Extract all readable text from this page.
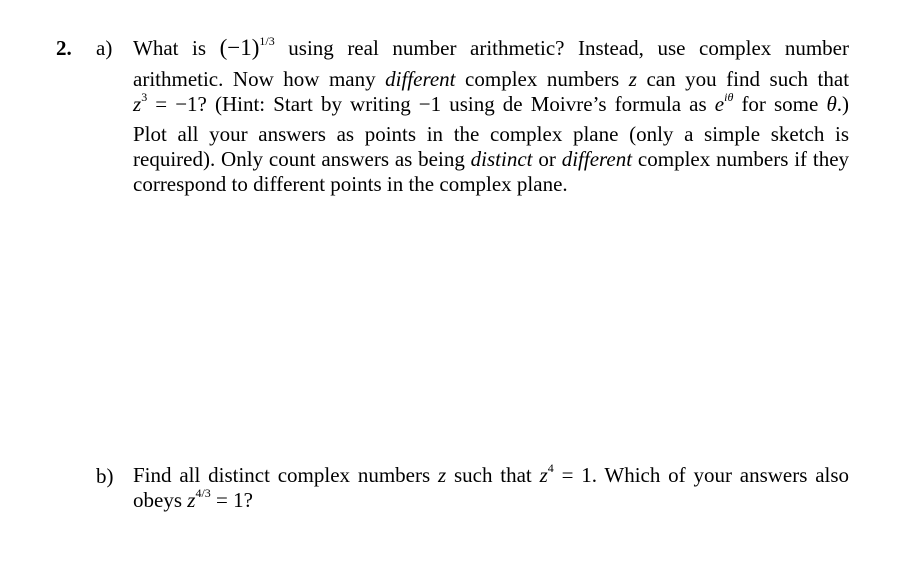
2. a) What is $(-1)^{1/3}$ using real number arithmetic? Instead, use complex number
arithmetic. Now how many different complex numbers z can you find such that
$z^3 = -1$? (Hint: Start by writing −1 using de Moivre’s formula as $e^{i\theta}$ for some θ.)
Plot all your answers as points in the complex plane (only a simple sketch is
required). Only count answers as being distinct or different complex numbers if they
correspond to different points in the complex plane.
b) Find all distinct complex numbers z such that $z^4 = 1$. Which of your answers also
obeys $z^{4/3} = 1$?
